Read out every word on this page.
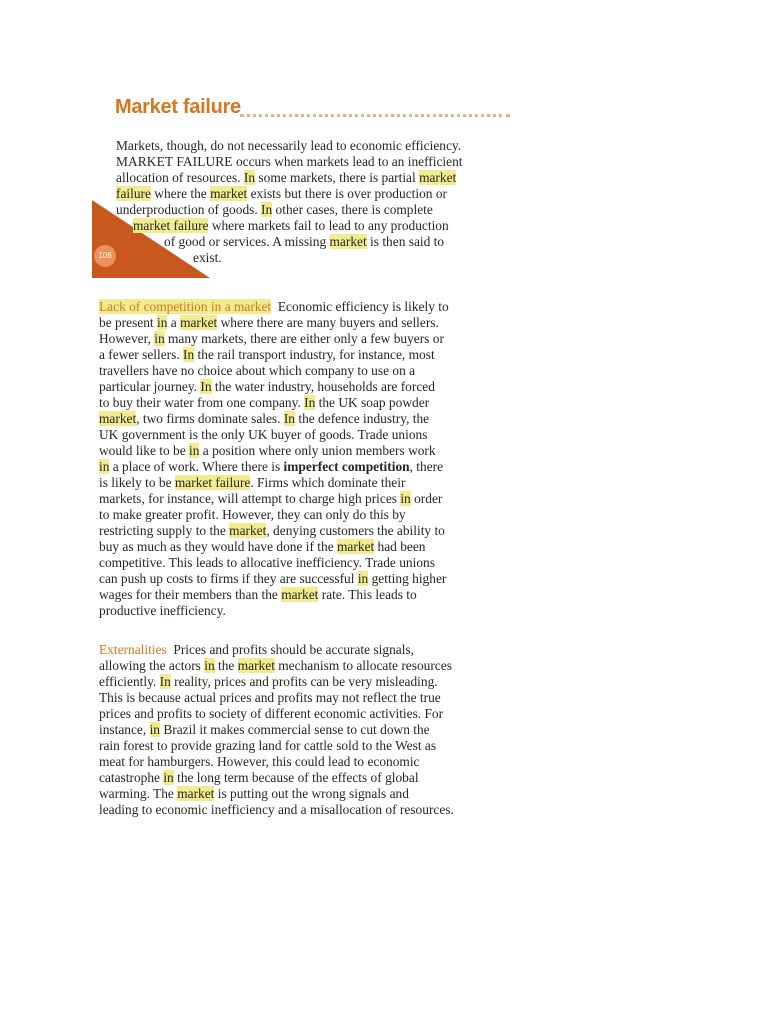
Market failure
106
Markets, though, do not necessarily lead to economic efficiency.
MARKET FAILURE occurs when markets lead to an inefficient
allocation of resources. In some markets, there is partial market
failure where the market exists but there is over production or
underproduction of goods. In other cases, there is complete
market failure where markets fail to lead to any production
of good or services. A missing market is then said to
exist.
Lack of competition in a market Economic efficiency is likely to
be present in a market where there are many buyers and sellers.
However, in many markets, there are either only a few buyers or
a fewer sellers. In the rail transport industry, for instance, most
travellers have no choice about which company to use on a
particular journey. In the water industry, households are forced
to buy their water from one company. In the UK soap powder
market, two firms dominate sales. In the defence industry, the
UK government is the only UK buyer of goods. Trade unions
would like to be in a position where only union members work
in a place of work. Where there is imperfect competition, there
is likely to be market failure. Firms which dominate their
markets, for instance, will attempt to charge high prices in order
to make greater profit. However, they can only do this by
restricting supply to the market, denying customers the ability to
buy as much as they would have done if the market had been
competitive. This leads to allocative inefficiency. Trade unions
can push up costs to firms if they are successful in getting higher
wages for their members than the market rate. This leads to
productive inefficiency.
Externalities Prices and profits should be accurate signals,
allowing the actors in the market mechanism to allocate resources
efficiently. In reality, prices and profits can be very misleading.
This is because actual prices and profits may not reflect the true
prices and profits to society of different economic activities. For
instance, in Brazil it makes commercial sense to cut down the
rain forest to provide grazing land for cattle sold to the West as
meat for hamburgers. However, this could lead to economic
catastrophe in the long term because of the effects of global
warming. The market is putting out the wrong signals and
leading to economic inefficiency and a misallocation of resources.
